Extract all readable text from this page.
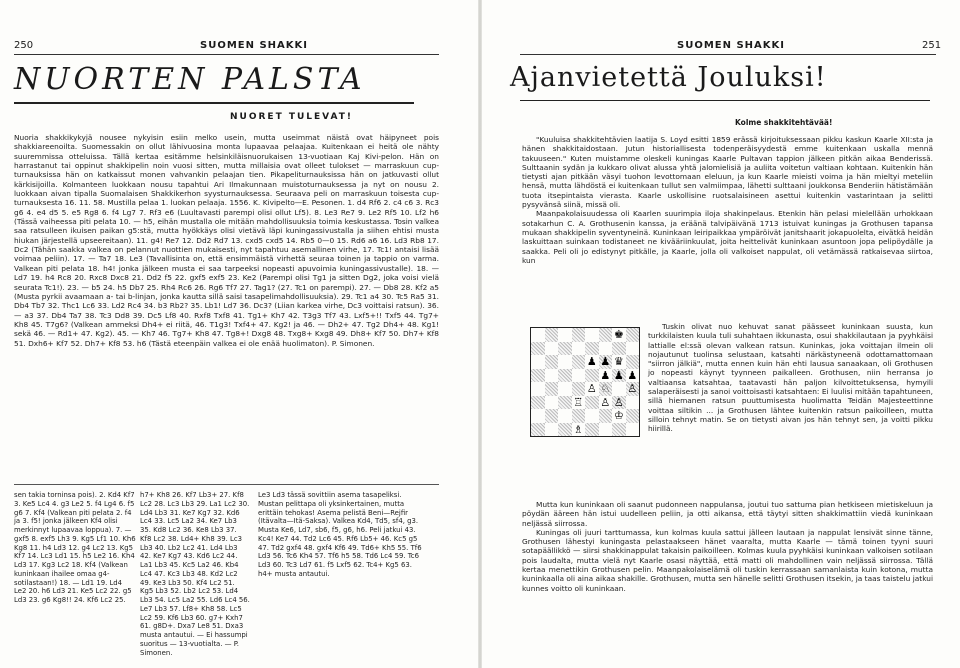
250	SUOMEN SHAKKI
NUORTEN PALSTA
NUORET TULEVAT!

Nuoria shakkikykyjä nousee nykyisin esiin melko usein, mutta useimmat näistä ovat häipyneet pois shakkiareenoilta. Suomessakin on ollut lähivuosina monta lupaavaa pelaajaa. Kuitenkaan ei heitä ole nähty suuremmissa otteluissa. Tällä kertaa esitämme helsinkiläisnuorukaisen 13-vuotiaan Kaj Kivi-pelon. Hän on harrastanut tai oppinut shakkipelin noin vuosi sitten, mutta millaisia ovat olleet tulokset — marraskuun cup-turnauksissa hän on katkaissut monen vahvankin pelaajan tien. Pikapeliturnauksissa hän on jatkuvasti ollut kärkisijoilla. Kolmanteen luokkaan nousu tapahtui Ari Ilmakunnaan muistoturnauksessa ja nyt on nousu 2. luokkaan aivan tipalla Suomalaisen Shakkikerhon syysturnauksessa. Seuraava peli on marraskuun toisesta cup-turnauksesta 16. 11. 58. Mustilla pelaa 1. luokan pelaaja. 1556. K. Kivipelto—E. Pesonen. 1. d4 Rf6 2. c4 c6 3. Rc3 g6 4. e4 d5 5. e5 Rg8 6. f4 Lg7 7. Rf3 e6 (Luultavasti parempi olisi ollut Lf5). 8. Le3 Re7 9. Le2 Rf5 10. Lf2 h6 (Tässä vaiheessa piti pelata 10. — h5, eihän mustalla ole mitään mahdollisuuksia toimia keskustassa. Tosin valkea saa ratsulleen ikuisen paikan g5:stä, mutta hyökkäys olisi vietävä läpi kuningassivustalla ja siihen ehtisi musta hiukan järjestellä upseereitaan). 11. g4! Re7 12. Dd2 Rd7 13. cxd5 cxd5 14. Rb5 0—0 15. Rd6 a6 16. Ld3 Rb8 17. Dc2 (Tähän saakka valkea on pelannut nuottien mukaisesti, nyt tapahtuu asemallinen virhe, 17. Tc1! antaisi lisää voimaa peliin). 17. — Ta7 18. Le3 (Tavallisinta on, että ensimmäistä virhettä seuraa toinen ja tappio on varma. Valkean piti pelata 18. h4! jonka jälkeen musta ei saa tarpeeksi nopeasti apuvoimia kuningassivustalle). 18. — Ld7 19. h4 Rc8 20. Rxc8 Dxc8 21. Dd2 f5 22. gxf5 exf5 23. Ke2 (Parempi olisi Tg1 ja sitten Dg2, joka voisi vielä seurata Tc1!). 23. — b5 24. h5 Db7 25. Rh4 Rc6 26. Rg6 Tf7 27. Tag1? (27. Tc1 on parempi). 27. — Db8 28. Kf2 a5 (Musta pyrkii avaamaan a- tai b-linjan, jonka kautta sillä saisi tasapelimahdollisuuksia). 29. Tc1 a4 30. Tc5 Ra5 31. Db4 Tb7 32. Thc1 Lc6 33. Ld2 Rc4 34. b3 Rb2? 35. Lb1! Ld7 36. Dc3? (Liian karkea virhe, Dc3 voittaisi ratsun). 36. — a3 37. Db4 Ta7 38. Tc3 Dd8 39. Dc5 Lf8 40. Rxf8 Txf8 41. Tg1+ Kh7 42. T3g3 Tf7 43. Lxf5+!! Txf5 44. Tg7+ Kh8 45. T7g6? (Valkean ammeksi Dh4+ ei riitä, 46. T1g3! Txf4+ 47. Kg2! ja 46. — Dh2+ 47. Tg2 Dh4+ 48. Kg1! sekä 46. — Rd1+ 47. Kg2). 45. — Kh7 46. Tg7+ Kh8 47. Tg8+! Dxg8 48. Txg8+ Kxg8 49. Dh8+ Kf7 50. Dh7+ Kf8 51. Dxh6+ Kf7 52. Dh7+ Kf8 53. h6 (Tästä eteenpäin valkea ei ole enää huolimaton). P. Simonen.

sen takia torninsa pois). 2. Kd4 Kf7 3. Ke5 Lc4 4. g3 Le2 5. f4 Lg4 6. f5 g6 7. Kf4 (Valkean piti pelata 2. f4 ja 3. f5! jonka jälkeen Kf4 olisi merkinnyt lupaavaa loppua). 7. — gxf5 8. exf5 Lh3 9. Kg5 Lf1 10. Kh6 Kg8 11. h4 Ld3 12. g4 Lc2 13. Kg5 Kf7 14. Lc3 Ld1 15. h5 Le2 16. Kh4 Ld3 17. Kg3 Lc2 18. Kf4 (Valkean kuninkaan ihailee omaa g4-sotilastaan!) 18. — Ld1 19. Ld4 Le2 20. h6 Ld3 21. Ke5 Lc2 22. g5 Ld3 23. g6 Kg8!! 24. Kf6 Lc2 25.
h7+ Kh8 26. Kf7 Lb3+ 27. Kf8 Lc2 28. Lc3 Lb3 29. La1 Lc2 30. Ld4 Lb3 31. Ke7 Kg7 32. Kd6 Lc4 33. Lc5 La2 34. Ke7 Lb3 35. Kd8 Lc2 36. Ke8 Lb3 37. Kf8 Lc2 38. Ld4+ Kh8 39. Lc3 Lb3 40. Lb2 Lc2 41. Ld4 Lb3 42. Ke7 Kg7 43. Kd6 Lc2 44. La1 Lb3 45. Kc5 La2 46. Kb4 Lc4 47. Kc3 Lb3 48. Kd2 Lc2 49. Ke3 Lb3 50. Kf4 Lc2 51. Kg5 Lb3 52. Lb2 Lc2 53. Ld4 Lb3 54. Lc5 La2 55. Ld6 Lc4 56. Le7 Lb3 57. Lf8+ Kh8 58. Lc5 Lc2 59. Kf6 Lb3 60. g7+ Kxh7 61. g8D+. Dxa7 Le8 51. Dxa3 musta antautui. — Ei hassumpi suoritus — 13-vuotialta. — P. Simonen.
Le3 Ld3 tässä sovittiin asema tasapeliksi. Mustan pelittapa oli yksinkertainen, mutta erittäin tehokas! Asema pelistä Beni—Rejfir (Itävalta—Itä-Saksa). Valkea Kd4, Td5, sf4, g3. Musta Ke6, Ld7, sb6, f5, g6, h6. Peli jatkui 43. Kc4! Ke7 44. Td2 Lc6 45. Rf6 Lb5+ 46. Kc5 g5 47. Td2 gxf4 48. gxf4 Kf6 49. Td6+ Kh5 55. Tf6 Ld3 56. Tc6 Kh4 57. Tf6 h5 58. Td6 Lc4 59. Tc6 Ld3 60. Tc3 Ld7 61. f5 Lxf5 62. Tc4+ Kg5 63. h4+ musta antautui.
SUOMEN SHAKKI	251
Ajanvietettä Jouluksi!
Kolme shakkitehtävää!

"Kuuluisa shakkitehtävien laatija S. Loyd esitti 1859 erässä kirjoituksessaan pikku kaskun Kaarle XII:sta ja hänen shakkitaidostaan. Jutun historiallisesta todenperäisyydestä emme kuitenkaan uskalla mennä takuuseen." Kuten muistamme oleskeli kuningas Kaarle Pultavan tappion jälkeen pitkän aikaa Benderissä. Sulttaanin sydän ja kukkaro olivat alussa yhtä jalomielisiä ja auliita voitetun valtiaan kohtaan. Kuitenkin hän tietysti ajan pitkään väsyi tuohon levottomaan eleluun, ja kun Kaarle mieisti voima ja hän mieltyi meteliin hensä, mutta lähdöstä ei kuitenkaan tullut sen valmiimpaa, lähetti sulttaani joukkonsa Benderiin hätistämään tuota itsepintaista vierasta. Kaarle uskollisine ruotsalaisineen asettui kuitenkin vastarintaan ja selitti pysyvänsä siinä, missä oli.

Maanpakolaisuudessa oli Kaarlen suurimpia iloja shakinpelaus. Etenkin hän pelasi mielellään urhokkaan sotakarhun C. A. Grothusenin kanssa, ja eräänä talvipäivänä 1713 istuivat kuningas ja Grothusen tapansa mukaan shakkipelin syventyneinä. Kuninkaan leiripaikkaa ympäröivät janitshaarit jokapuolelta, eivätkä heidän laskuittaan suinkaan todistaneet ne kivääriinkuulat, joita heittelivät kuninkaan asuntoon jopa pelipöydälle ja saakka. Peli oli jo edistynyt pitkälle, ja Kaarle, jolla oli valkoiset nappulat, oli vetämässä ratkaisevaa siirtoa, kun

♚
♟ ♟ ♛
♟ ♟ ♟
♙ ♘ ♙
♖ ♙ ♙
♔
♗

Tuskin olivat nuo kehuvat sanat päässeet kuninkaan suusta, kun turkkilaisten kuula tuli suhahtaen ikkunasta, osui shakkilautaan ja pyyhkäisi lattialle el:ssä olevan valkean ratsun. Kuninkas, joka voittajan ilmein oli nojautunut tuolinsa selustaan, katsahti närkästyneenä odottamattomaan "siirron jälkiä", mutta ennen kuin hän ehti lausua sanaakaan, oli Grothusen jo nopeasti käynyt tyynneen paikalleen. Grothusen, niin herransa jo valtiaansa katsahtaa, taatavasti hän paljon kilvoittetuksensa, hymyili salaperäisesti ja sanoi voittoisasti katsahtaen: Ei luulisi mitään tapahtuneen, sillä hiemanen ratsun puuttumisesta huolimatta Teidän Majesteettinne voittaa siltikin ... ja Grothusen lähtee kuitenkin ratsun paikoilleen, mutta silloin tehnyt matin. Se on tietysti aivan jos hän tehnyt sen, ja voitti pikku hiirillä.

Mutta kun kuninkaan oli saanut pudonneen nappulansa, joutui tuo sattuma pian hetkiseen mietiskeluun ja pöydän ääreen hän istui uudelleen peliin, ja otti aikansa, että täytyi sitten shakkimattiin viedä kuninkaan neljässä siirrossa.

Kuningas oli juuri tarttumassa, kun kolmas kuula sattui jälleen lautaan ja nappulat lensivät sinne tänne, Grothusen lähestyi kuningasta pelastaakseen hänet vaaralta, mutta Kaarle — tämä toinen tyyni suuri sotapäällikkö — siirsi shakkinappulat takaisin paikoilleen. Kolmas kuula pyyhkäisi kuninkaan valkoisen sotilaan pois laudalta, mutta vielä nyt Kaarle osasi näyttää, että matti oli mahdollinen vain neljässä siirrossa. Tällä kertaa menettikin Grothusen pelin. Maanpakolaiselämä oli tuskin kerrassaan samanlaista kuin kotona, mutta kuninkaalla oli aina aikaa shakille. Grothusen, mutta sen hänelle selitti Grothusen itsekin, ja taas taistelu jatkui kunnes voitto oli kuninkaan.
